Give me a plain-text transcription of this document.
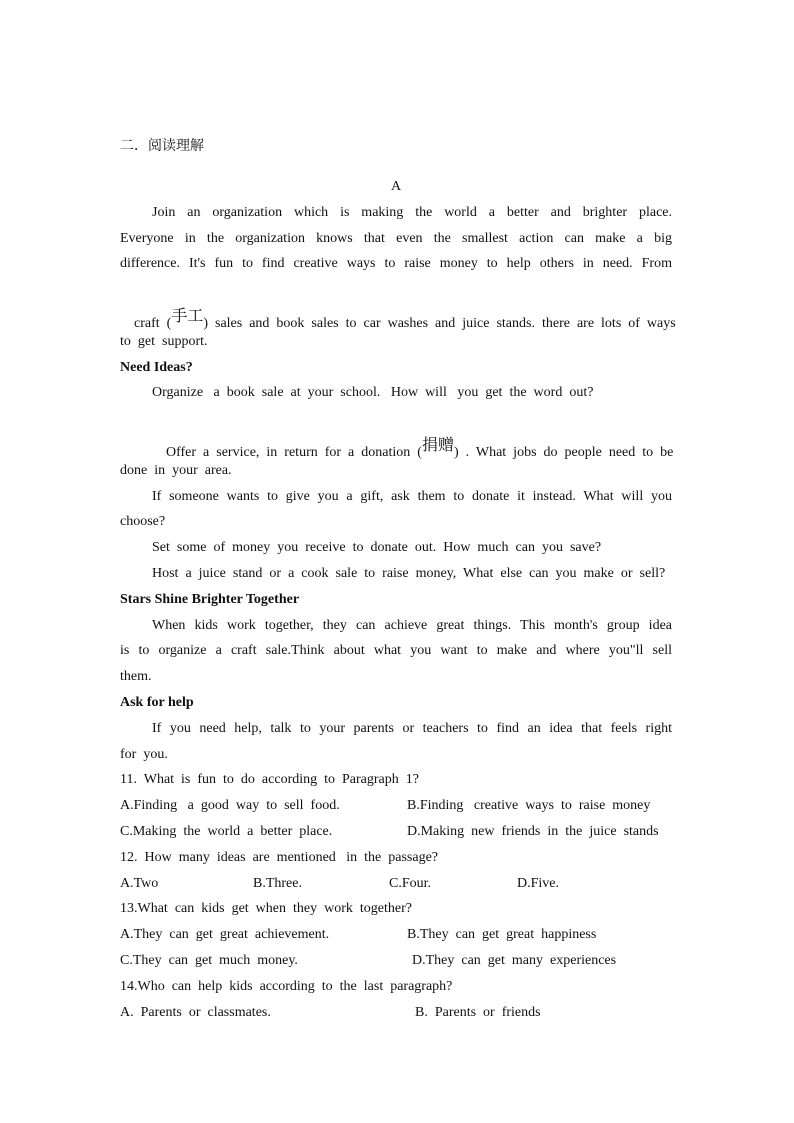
二．阅读理解
A
Join an organization which is making the world a better and brighter place.
Everyone in the organization knows that even the smallest action can make a big
difference. It's fun to find creative ways to raise money to help others in need. From

craft  (手工)  sales  and  book  sales  to  car  washes  and  juice  stands.  there  are  lots  of  ways

to  get  support.
Need Ideas?
Organize   a  book  sale  at  your  school.   How  will   you  get  the  word  out?

Offer  a  service,  in  return  for  a  donation  (捐赠)  .  What  jobs  do  people  need  to  be

done  in  your  area.
If someone wants to give you a gift, ask them to donate it instead. What will you
choose?
Set  some  of  money  you  receive  to  donate  out.  How  much  can  you  save?
Host  a  juice  stand  or  a  cook  sale  to  raise  money,  What  else  can  you  make  or  sell?
Stars Shine Brighter Together
When kids work together, they can achieve great things. This month's group idea
is to organize a craft sale.Think about what you want to make and where you"ll sell
them.
Ask for help
If you need help, talk to your parents or teachers to find an idea that feels right
for  you.
11.  What  is  fun  to  do  according  to  Paragraph  1?
A.Finding   a  good  way  to  sell  food.	B.Finding   creative  ways  to  raise  money
C.Making  the  world  a  better  place.	D.Making  new  friends  in  the  juice  stands
12.  How  many  ideas  are  mentioned   in  the  passage?
A.Two	B.Three.	C.Four.	D.Five.
13.What  can  kids  get  when  they  work  together?
A.They  can  get  great  achievement.	B.They  can  get  great  happiness
C.They  can  get  much  money.	D.They  can  get  many  experiences
14.Who  can  help  kids  according  to  the  last  paragraph?
A.  Parents  or  classmates.	B.  Parents  or  friends
